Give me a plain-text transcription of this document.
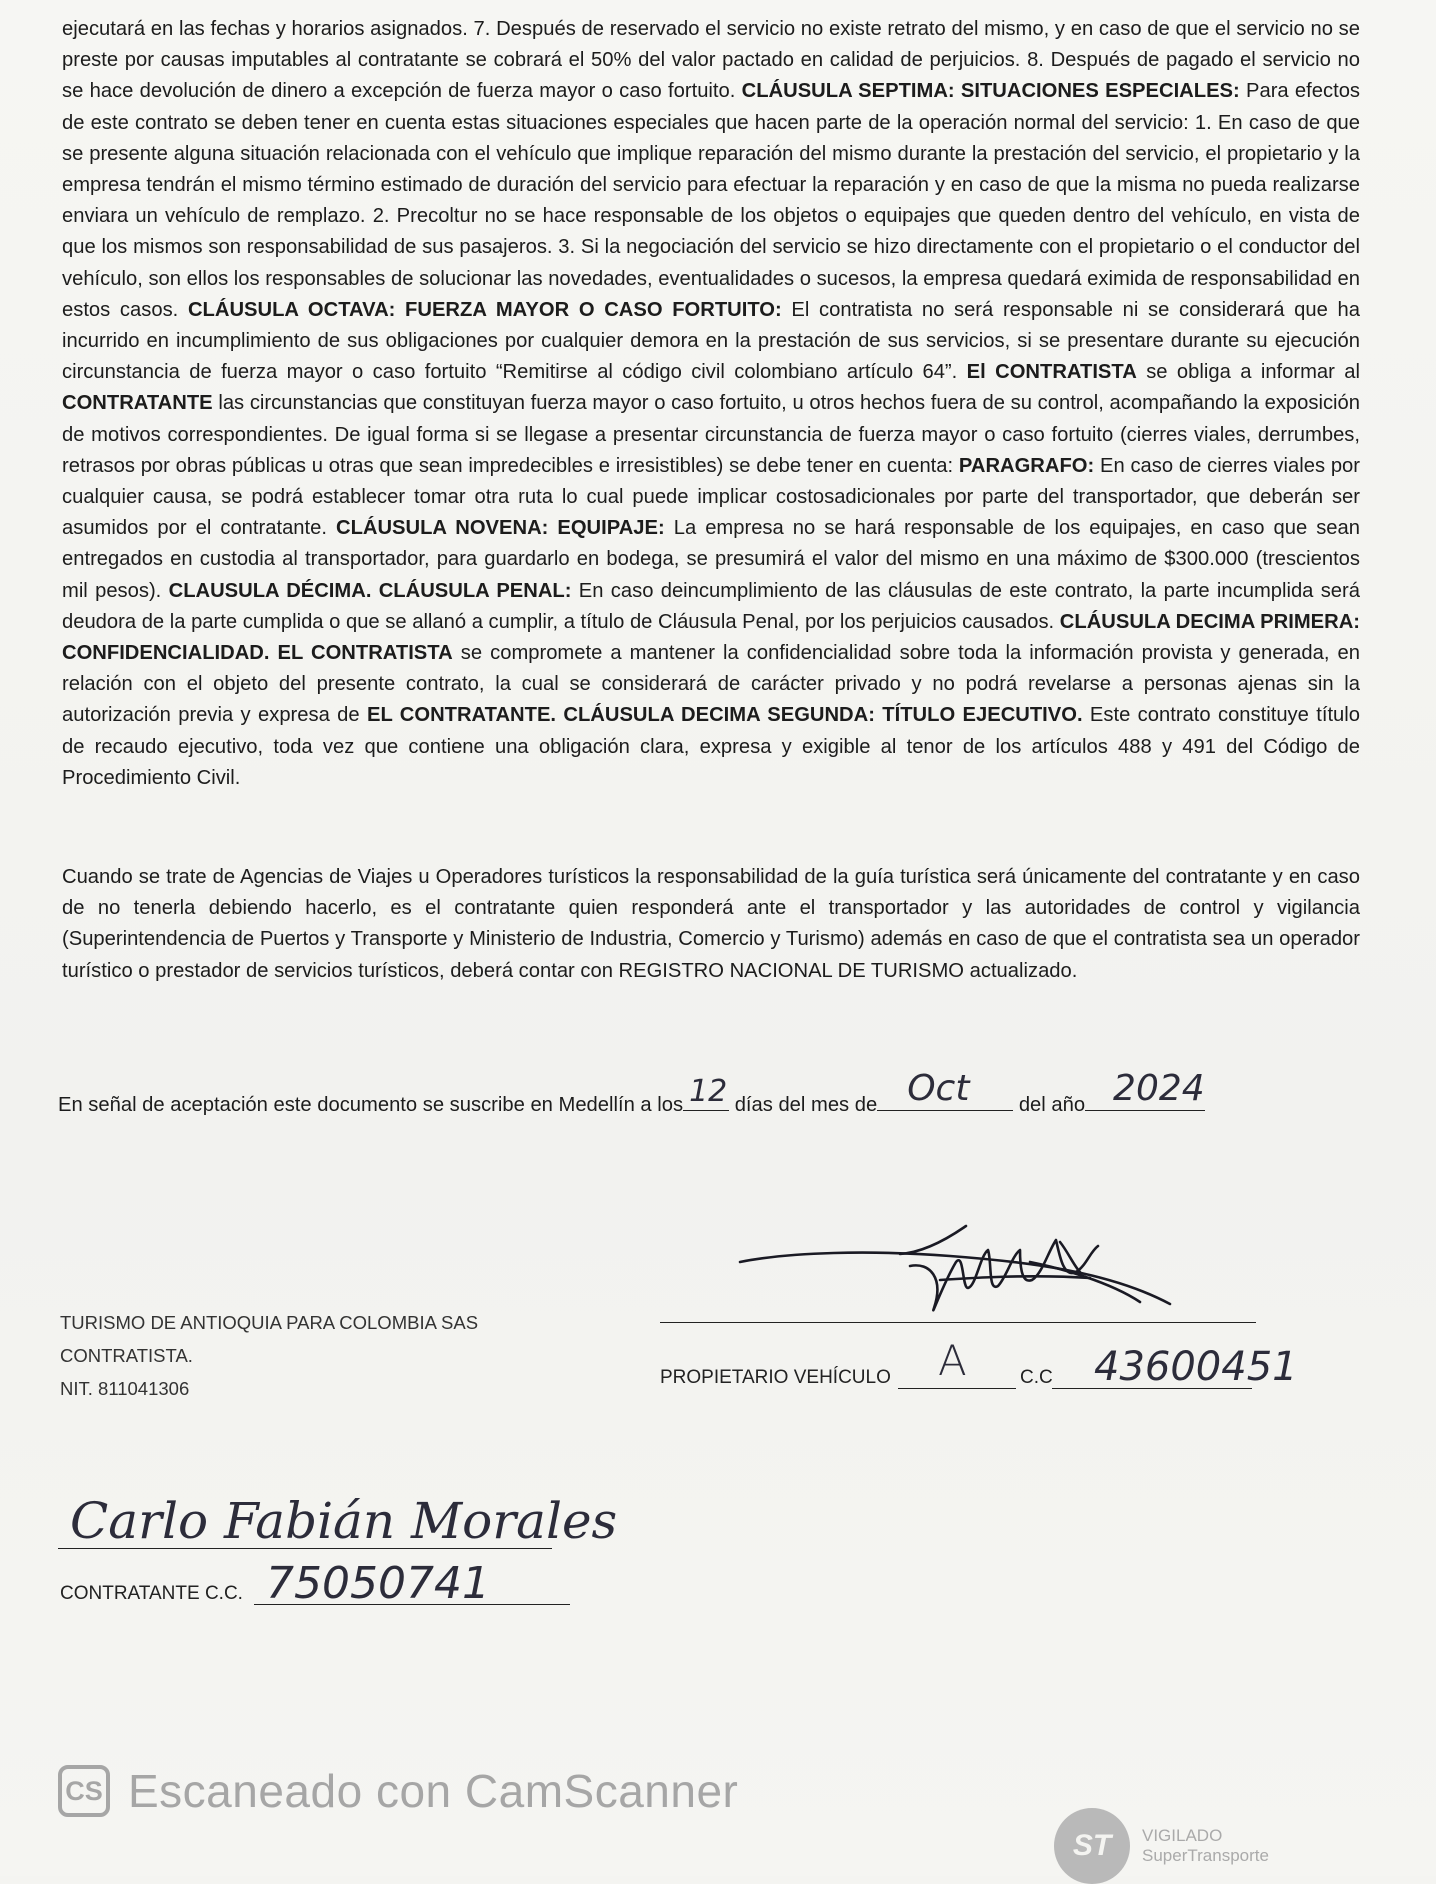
ejecutará en las fechas y horarios asignados. 7. Después de reservado el servicio no existe retrato del mismo, y en caso de que el servicio no se preste por causas imputables al contratante se cobrará el 50% del valor pactado en calidad de perjuicios. 8. Después de pagado el servicio no se hace devolución de dinero a excepción de fuerza mayor o caso fortuito. CLÁUSULA SEPTIMA: SITUACIONES ESPECIALES: Para efectos de este contrato se deben tener en cuenta estas situaciones especiales que hacen parte de la operación normal del servicio: 1. En caso de que se presente alguna situación relacionada con el vehículo que implique reparación del mismo durante la prestación del servicio, el propietario y la empresa tendrán el mismo término estimado de duración del servicio para efectuar la reparación y en caso de que la misma no pueda realizarse enviara un vehículo de remplazo. 2. Precoltur no se hace responsable de los objetos o equipajes que queden dentro del vehículo, en vista de que los mismos son responsabilidad de sus pasajeros. 3. Si la negociación del servicio se hizo directamente con el propietario o el conductor del vehículo, son ellos los responsables de solucionar las novedades, eventualidades o sucesos, la empresa quedará eximida de responsabilidad en estos casos. CLÁUSULA OCTAVA: FUERZA MAYOR O CASO FORTUITO: El contratista no será responsable ni se considerará que ha incurrido en incumplimiento de sus obligaciones por cualquier demora en la prestación de sus servicios, si se presentare durante su ejecución circunstancia de fuerza mayor o caso fortuito “Remitirse al código civil colombiano artículo 64”. El CONTRATISTA se obliga a informar al CONTRATANTE las circunstancias que constituyan fuerza mayor o caso fortuito, u otros hechos fuera de su control, acompañando la exposición de motivos correspondientes. De igual forma si se llegase a presentar circunstancia de fuerza mayor o caso fortuito (cierres viales, derrumbes, retrasos por obras públicas u otras que sean impredecibles e irresistibles) se debe tener en cuenta: PARAGRAFO: En caso de cierres viales por cualquier causa, se podrá establecer tomar otra ruta lo cual puede implicar costosadicionales por parte del transportador, que deberán ser asumidos por el contratante. CLÁUSULA NOVENA: EQUIPAJE: La empresa no se hará responsable de los equipajes, en caso que sean entregados en custodia al transportador, para guardarlo en bodega, se presumirá el valor del mismo en una máximo de $300.000 (trescientos mil pesos). CLAUSULA DÉCIMA. CLÁUSULA PENAL: En caso deincumplimiento de las cláusulas de este contrato, la parte incumplida será deudora de la parte cumplida o que se allanó a cumplir, a título de Cláusula Penal, por los perjuicios causados. CLÁUSULA DECIMA PRIMERA: CONFIDENCIALIDAD. EL CONTRATISTA se compromete a mantener la confidencialidad sobre toda la información provista y generada, en relación con el objeto del presente contrato, la cual se considerará de carácter privado y no podrá revelarse a personas ajenas sin la autorización previa y expresa de EL CONTRATANTE. CLÁUSULA DECIMA SEGUNDA: TÍTULO EJECUTIVO. Este contrato constituye título de recaudo ejecutivo, toda vez que contiene una obligación clara, expresa y exigible al tenor de los artículos 488 y 491 del Código de Procedimiento Civil.
Cuando se trate de Agencias de Viajes u Operadores turísticos la responsabilidad de la guía turística será únicamente del contratante y en caso de no tenerla debiendo hacerlo, es el contratante quien responderá ante el transportador y las autoridades de control y vigilancia (Superintendencia de Puertos y Transporte y Ministerio de Industria, Comercio y Turismo) además en caso de que el contratista sea un operador turístico o prestador de servicios turísticos, deberá contar con REGISTRO NACIONAL DE TURISMO actualizado.
En señal de aceptación este documento se suscribe en Medellín a los 12 días del mes de Oct del año 2024
TURISMO DE ANTIOQUIA PARA COLOMBIA SAS
CONTRATISTA.
NIT. 811041306
PROPIETARIO VEHÍCULO A	C.C 43600451
Carlo Fabián Morales
CONTRATANTE C.C. 75050741
CS Escaneado con CamScanner
ST	VIGILADO
SuperTransporte
